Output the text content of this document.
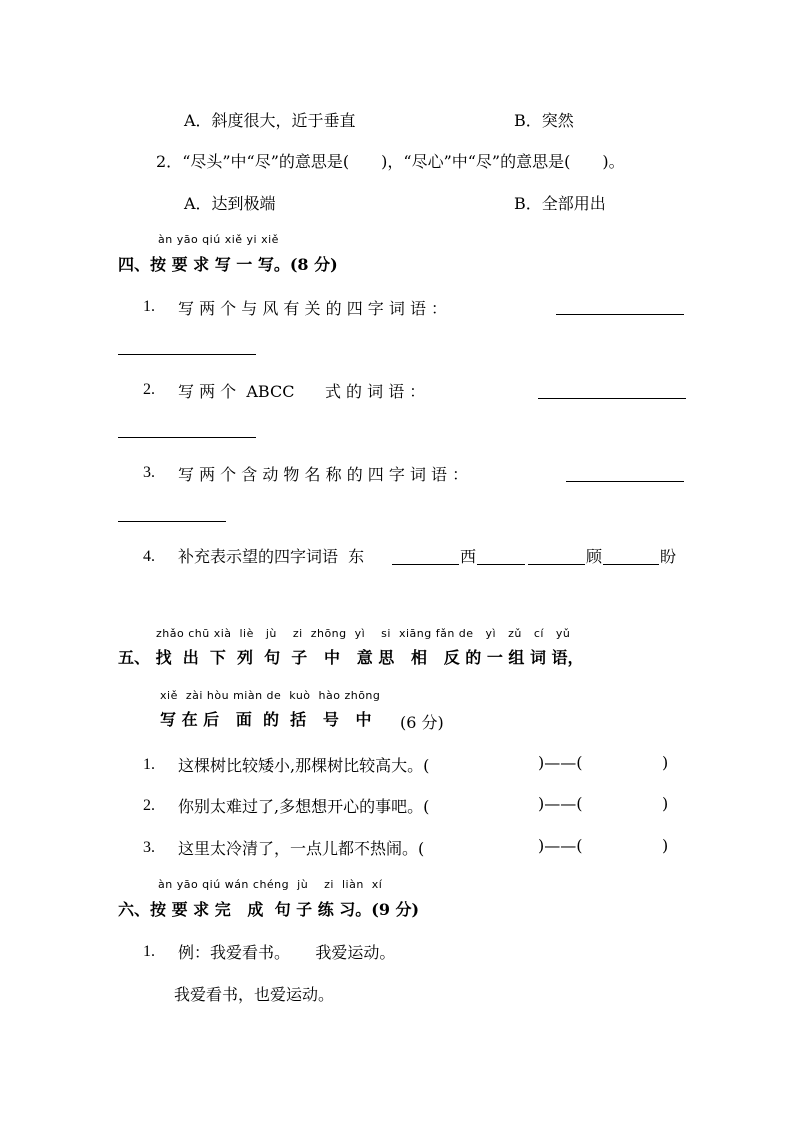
A．斜度很大，近于垂直	B．突然
2．“尽头”中“尽”的意思是(　　)，“尽心”中“尽”的意思是(　　)。
A．达到极端	B．全部用出
àn yāo qiú xiě yi xiě
四、按 要 求 写 一 写。(8 分)
1. 写 两 个 与 风 有 关 的 四 字 词 语 ：
2. 写 两 个  ABCC      式 的 词 语 ：
3. 写 两 个 含 动 物 名 称 的 四 字 词 语 ：
4. 补充表示望的四字词语  东	西	顾	盼
zhǎo chū xià  liè   jù    zi  zhōng  yì    si  xiāng fǎn de   yì   zǔ   cí   yǔ
五、 找  出  下  列  句  子   中   意 思   相   反 的 一 组 词 语，
xiě  zài hòu miàn de  kuò  hào zhōng
写 在 后   面  的  括   号   中 (6 分)
1. 这棵树比较矮小,那棵树比较高大。(	)——(	)
2. 你别太难过了,多想想开心的事吧。(	)——(	)
3. 这里太冷清了，一点儿都不热闹。(	)——(	)
àn yāo qiú wán chéng  jù    zi  liàn  xí
六、按 要 求 完   成  句 子 练 习。(9 分)
1. 例：我爱看书。     我爱运动。
我爱看书，也爱运动。
